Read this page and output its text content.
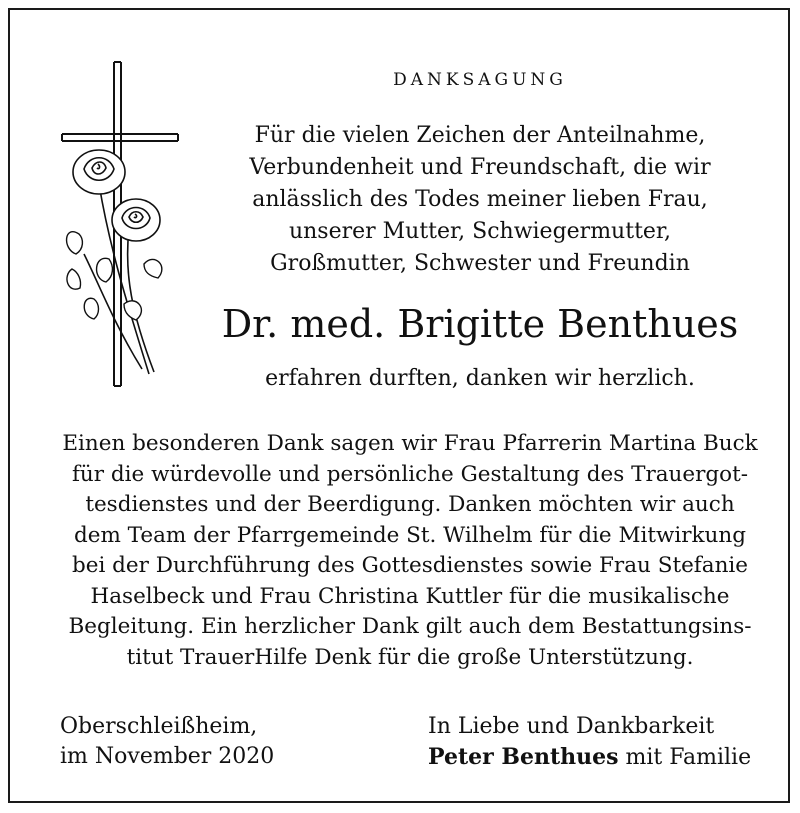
DANKSAGUNG
Für die vielen Zeichen der Anteilnahme,
Verbundenheit und Freundschaft, die wir
anlässlich des Todes meiner lieben Frau,
unserer Mutter, Schwiegermutter,
Großmutter, Schwester und Freundin
Dr. med. Brigitte Benthues
erfahren durften, danken wir herzlich.
Einen besonderen Dank sagen wir Frau Pfarrerin Martina Buck
für die würdevolle und persönliche Gestaltung des Trauergot-
tesdienstes und der Beerdigung. Danken möchten wir auch
dem Team der Pfarrgemeinde St. Wilhelm für die Mitwirkung
bei der Durchführung des Gottesdienstes sowie Frau Stefanie
Haselbeck und Frau Christina Kuttler für die musikalische
Begleitung. Ein herzlicher Dank gilt auch dem Bestattungsins-
titut TrauerHilfe Denk für die große Unterstützung.
Oberschleißheim,
im November 2020
In Liebe und Dankbarkeit
Peter Benthues mit Familie
